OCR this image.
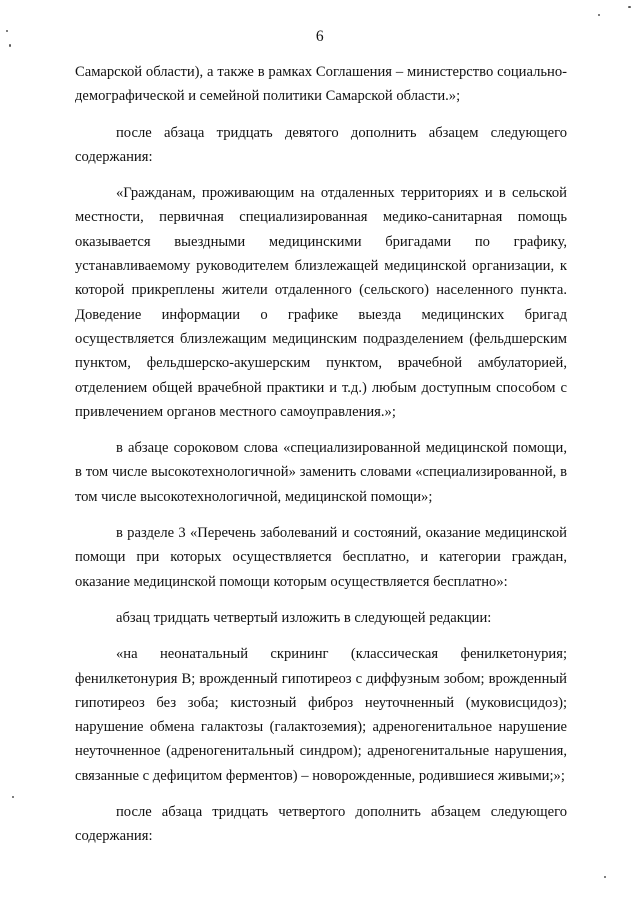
6

Самарской области), а также в рамках Соглашения – министерство социально-демографической и семейной политики Самарской области.»;

после абзаца тридцать девятого дополнить абзацем следующего содержания:

«Гражданам, проживающим на отдаленных территориях и в сельской местности, первичная специализированная медико-санитарная помощь оказывается выездными медицинскими бригадами по графику, устанавливаемому руководителем близлежащей медицинской организации, к которой прикреплены жители отдаленного (сельского) населенного пункта. Доведение информации о графике выезда медицинских бригад осуществляется близлежащим медицинским подразделением (фельдшерским пунктом, фельдшерско-акушерским пунктом, врачебной амбулаторией, отделением общей врачебной практики и т.д.) любым доступным способом с привлечением органов местного самоуправления.»;

в абзаце сороковом слова «специализированной медицинской помощи, в том числе высокотехнологичной» заменить словами «специализированной, в том числе высокотехнологичной, медицинской помощи»;

в разделе 3 «Перечень заболеваний и состояний, оказание медицинской помощи при которых осуществляется бесплатно, и категории граждан, оказание медицинской помощи которым осуществляется бесплатно»:

абзац тридцать четвертый изложить в следующей редакции:

«на неонатальный скрининг (классическая фенилкетонурия; фенилкетонурия В; врожденный гипотиреоз с диффузным зобом; врожденный гипотиреоз без зоба; кистозный фиброз неуточненный (муковисцидоз); нарушение обмена галактозы (галактоземия); адреногенитальное нарушение неуточненное (адреногенитальный синдром); адреногенитальные нарушения, связанные с дефицитом ферментов) – новорожденные, родившиеся живыми;»;

после абзаца тридцать четвертого дополнить абзацем следующего содержания:
